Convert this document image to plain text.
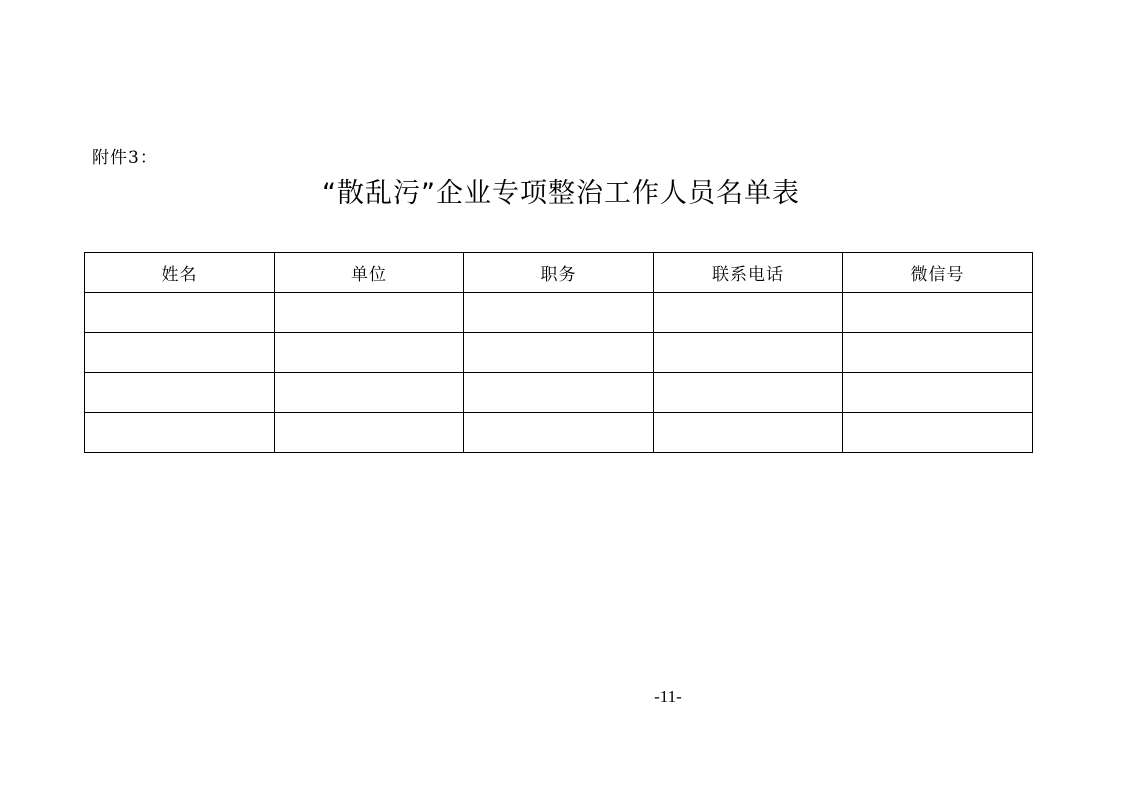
附件3：
“散乱污”企业专项整治工作人员名单表
姓名	单位	职务	联系电话	微信号

-11-
